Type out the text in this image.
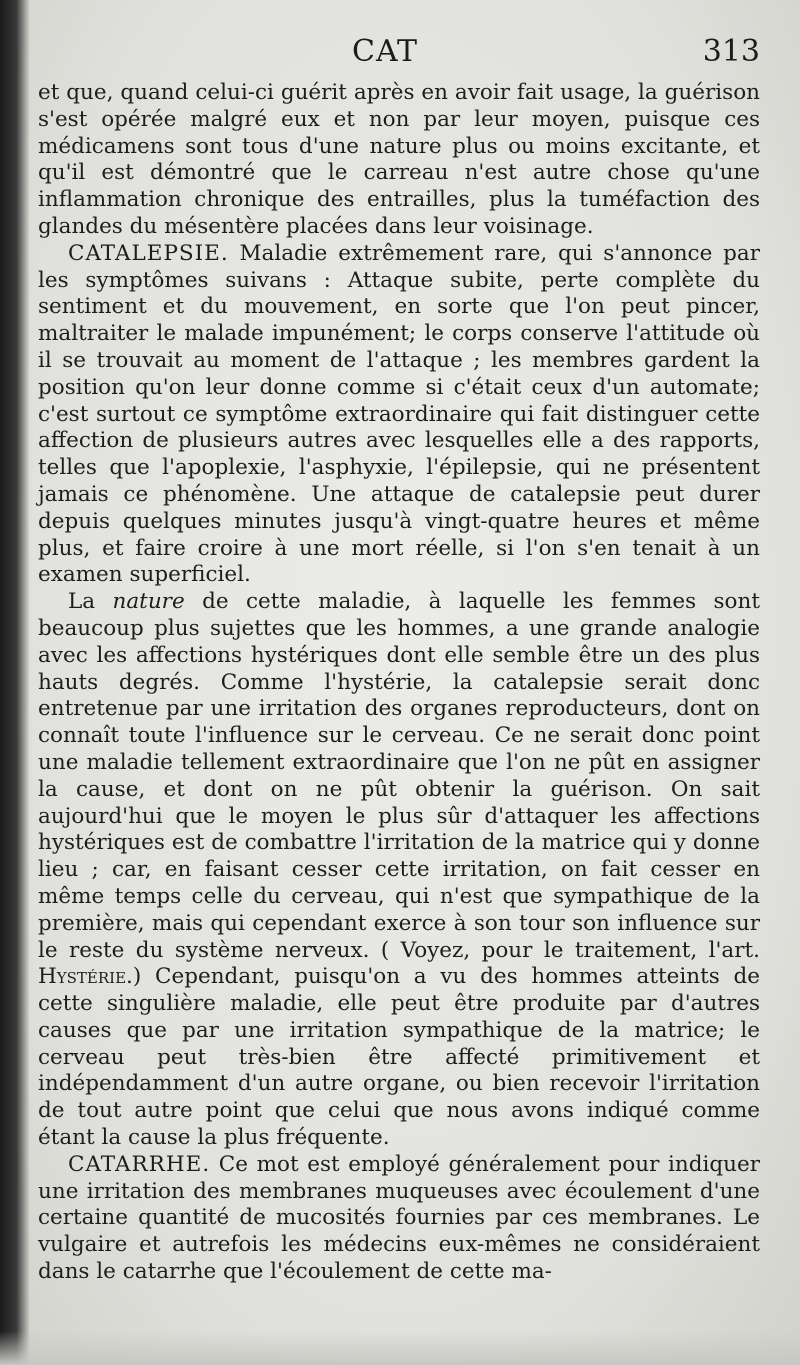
CAT	313

et que, quand celui-ci guérit après en avoir fait usage, la guérison s'est opérée malgré eux et non par leur moyen, puisque ces médicamens sont tous d'une nature plus ou moins excitante, et qu'il est démontré que le carreau n'est autre chose qu'une inflammation chronique des entrailles, plus la tuméfaction des glandes du mésentère placées dans leur voisinage.

CATALEPSIE. Maladie extrêmement rare, qui s'annonce par les symptômes suivans : Attaque subite, perte complète du sentiment et du mouvement, en sorte que l'on peut pincer, maltraiter le malade impunément; le corps conserve l'attitude où il se trouvait au moment de l'attaque ; les membres gardent la position qu'on leur donne comme si c'était ceux d'un automate; c'est surtout ce symptôme extraordinaire qui fait distinguer cette affection de plusieurs autres avec lesquelles elle a des rapports, telles que l'apoplexie, l'asphyxie, l'épilepsie, qui ne présentent jamais ce phénomène. Une attaque de catalepsie peut durer depuis quelques minutes jusqu'à vingt-quatre heures et même plus, et faire croire à une mort réelle, si l'on s'en tenait à un examen superficiel.

La nature de cette maladie, à laquelle les femmes sont beaucoup plus sujettes que les hommes, a une grande analogie avec les affections hystériques dont elle semble être un des plus hauts degrés. Comme l'hystérie, la catalepsie serait donc entretenue par une irritation des organes reproducteurs, dont on connaît toute l'influence sur le cerveau. Ce ne serait donc point une maladie tellement extraordinaire que l'on ne pût en assigner la cause, et dont on ne pût obtenir la guérison. On sait aujourd'hui que le moyen le plus sûr d'attaquer les affections hystériques est de combattre l'irritation de la matrice qui y donne lieu ; car, en faisant cesser cette irritation, on fait cesser en même temps celle du cerveau, qui n'est que sympathique de la première, mais qui cependant exerce à son tour son influence sur le reste du système nerveux. ( Voyez, pour le traitement, l'art. Hystérie.) Cependant, puisqu'on a vu des hommes atteints de cette singulière maladie, elle peut être produite par d'autres causes que par une irritation sympathique de la matrice; le cerveau peut très-bien être affecté primitivement et indépendamment d'un autre organe, ou bien recevoir l'irritation de tout autre point que celui que nous avons indiqué comme étant la cause la plus fréquente.

CATARRHE. Ce mot est employé généralement pour indiquer une irritation des membranes muqueuses avec écoulement d'une certaine quantité de mucosités fournies par ces membranes. Le vulgaire et autrefois les médecins eux-mêmes ne considéraient dans le catarrhe que l'écoulement de cette ma-
